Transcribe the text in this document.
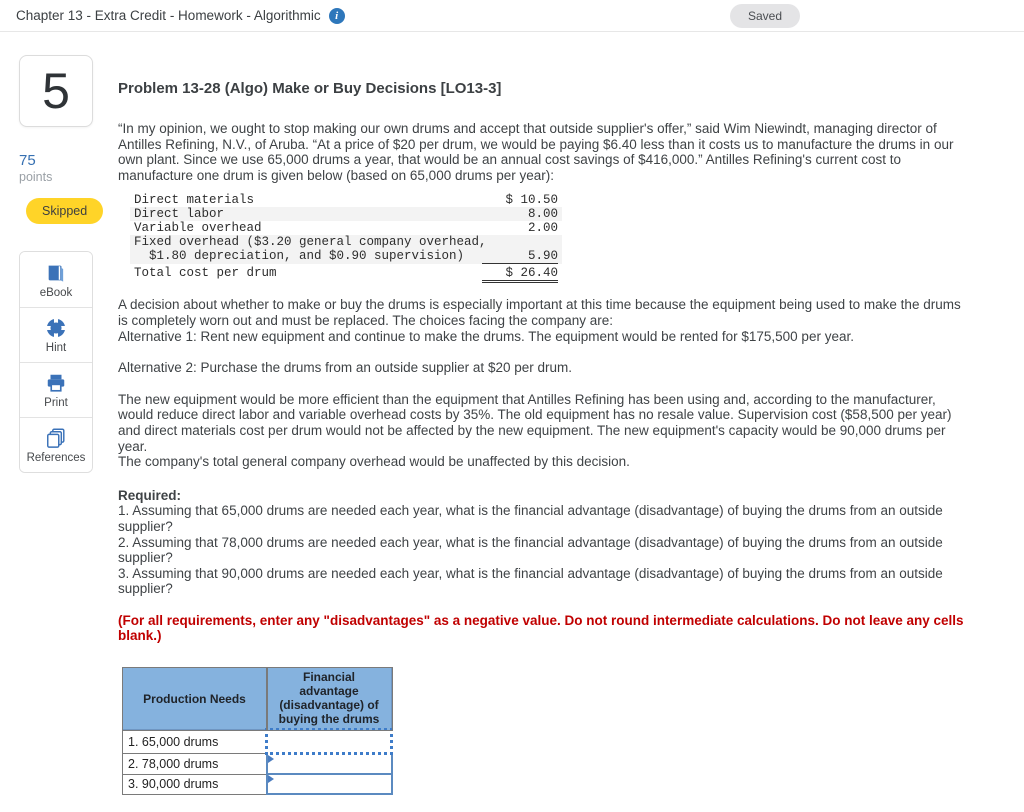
Chapter 13 - Extra Credit - Homework - Algorithmic	i	Saved
5
75
points
Skipped
eBook
Hint
Print
References
Problem 13-28 (Algo) Make or Buy Decisions [LO13-3]
“In my opinion, we ought to stop making our own drums and accept that outside supplier's offer,” said Wim Niewindt, managing director of Antilles Refining, N.V., of Aruba. “At a price of $20 per drum, we would be paying $6.40 less than it costs us to manufacture the drums in our own plant. Since we use 65,000 drums a year, that would be an annual cost savings of $416,000.” Antilles Refining's current cost to manufacture one drum is given below (based on 65,000 drums per year):
Direct materials	$ 10.50
Direct labor	8.00
Variable overhead	2.00
Fixed overhead ($3.20 general company overhead,
$1.80 depreciation, and $0.90 supervision)	5.90
Total cost per drum	$ 26.40
A decision about whether to make or buy the drums is especially important at this time because the equipment being used to make the drums is completely worn out and must be replaced. The choices facing the company are:
Alternative 1: Rent new equipment and continue to make the drums. The equipment would be rented for $175,500 per year.
Alternative 2: Purchase the drums from an outside supplier at $20 per drum.
The new equipment would be more efficient than the equipment that Antilles Refining has been using and, according to the manufacturer, would reduce direct labor and variable overhead costs by 35%. The old equipment has no resale value. Supervision cost ($58,500 per year) and direct materials cost per drum would not be affected by the new equipment. The new equipment's capacity would be 90,000 drums per year.
The company's total general company overhead would be unaffected by this decision.
Required:
1. Assuming that 65,000 drums are needed each year, what is the financial advantage (disadvantage) of buying the drums from an outside supplier?
2. Assuming that 78,000 drums are needed each year, what is the financial advantage (disadvantage) of buying the drums from an outside supplier?
3. Assuming that 90,000 drums are needed each year, what is the financial advantage (disadvantage) of buying the drums from an outside supplier?
(For all requirements, enter any "disadvantages" as a negative value. Do not round intermediate calculations. Do not leave any cells blank.)
Production Needs	Financial advantage (disadvantage) of buying the drums
1. 65,000 drums	
2. 78,000 drums	

3. 90,000 drums	
